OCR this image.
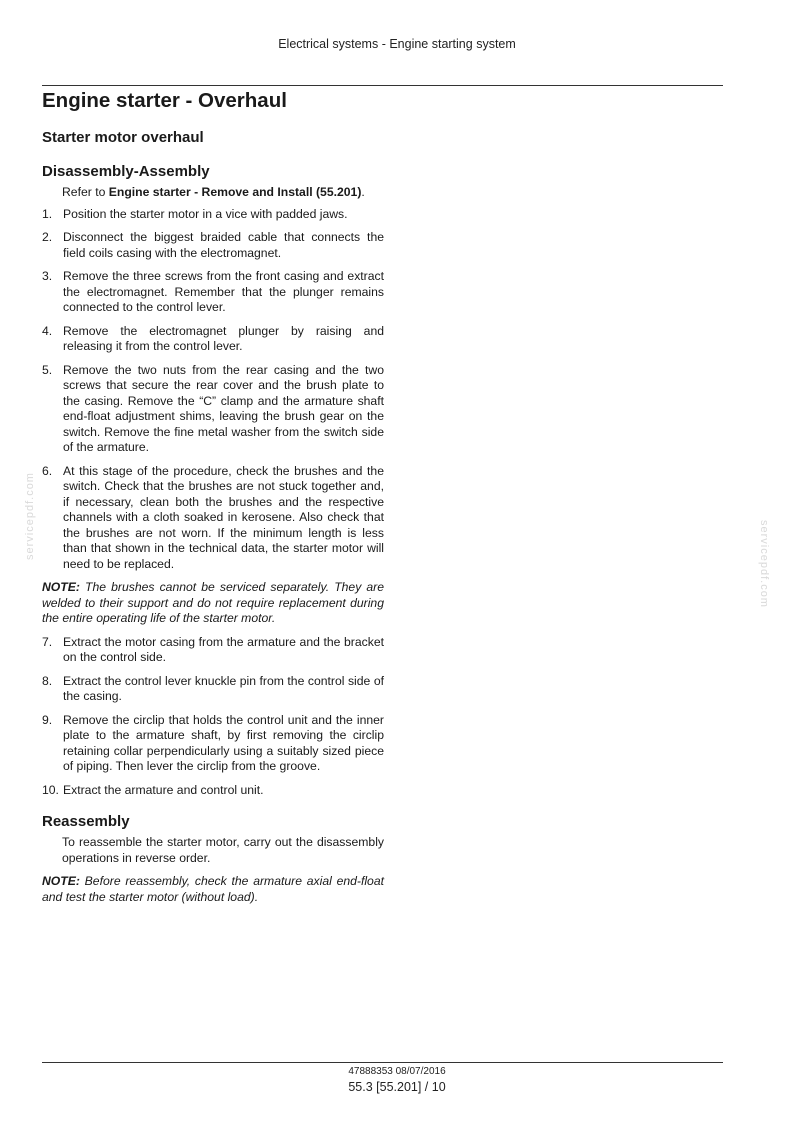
Electrical systems - Engine starting system
Engine starter - Overhaul
Starter motor overhaul
Disassembly-Assembly

Refer to Engine starter - Remove and Install (55.201).

1. Position the starter motor in a vice with padded jaws.
2. Disconnect the biggest braided cable that connects the field coils casing with the electromagnet.
3. Remove the three screws from the front casing and extract the electromagnet. Remember that the plunger remains connected to the control lever.
4. Remove the electromagnet plunger by raising and releasing it from the control lever.
5. Remove the two nuts from the rear casing and the two screws that secure the rear cover and the brush plate to the casing. Remove the “C” clamp and the armature shaft end-float adjustment shims, leaving the brush gear on the switch. Remove the fine metal washer from the switch side of the armature.
6. At this stage of the procedure, check the brushes and the switch. Check that the brushes are not stuck together and, if necessary, clean both the brushes and the respective channels with a cloth soaked in kerosene. Also check that the brushes are not worn. If the minimum length is less than that shown in the technical data, the starter motor will need to be replaced.

NOTE: The brushes cannot be serviced separately. They are welded to their support and do not require replacement during the entire operating life of the starter motor.

7. Extract the motor casing from the armature and the bracket on the control side.
8. Extract the control lever knuckle pin from the control side of the casing.
9. Remove the circlip that holds the control unit and the inner plate to the armature shaft, by first removing the circlip retaining collar perpendicularly using a suitably sized piece of piping. Then lever the circlip from the groove.
10. Extract the armature and control unit.
Reassembly

To reassemble the starter motor, carry out the disassembly operations in reverse order.

NOTE: Before reassembly, check the armature axial end-float and test the starter motor (without load).

servicepdf.com
servicepdf.com
47888353 08/07/2016
55.3 [55.201] / 10
